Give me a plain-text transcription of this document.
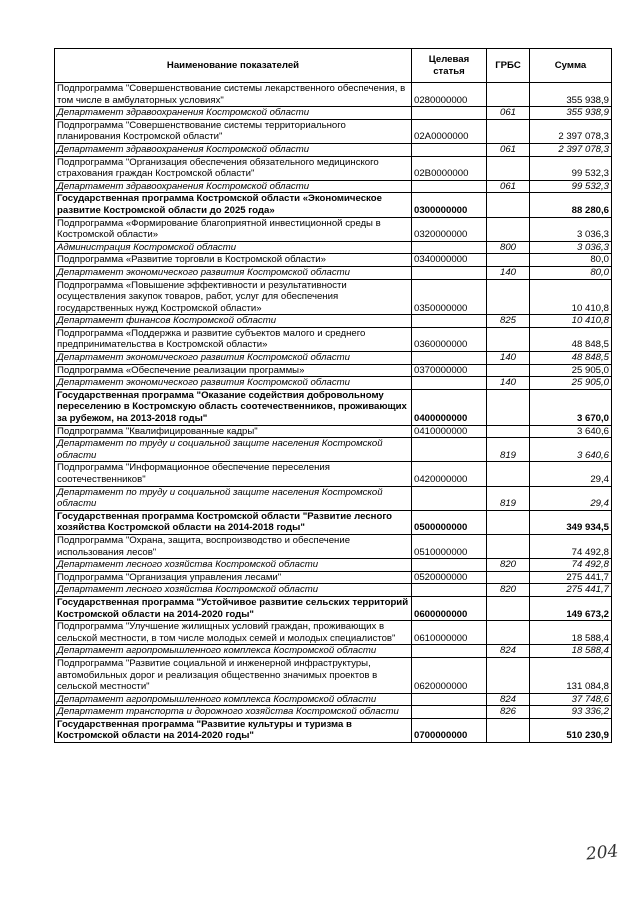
Наименование показателей	Целевая статья	ГРБС	Сумма
Подпрограмма "Совершенствование системы лекарственного обеспечения, в том числе в амбулаторных условиях"	0280000000		355 938,9
Департамент здравоохранения Костромской области		061	355 938,9
Подпрограмма "Совершенствование системы территориального планирования Костромской области"	02А0000000		2 397 078,3
Департамент здравоохранения Костромской области		061	2 397 078,3
Подпрограмма "Организация обеспечения обязательного медицинского страхования граждан Костромской области"	02В0000000		99 532,3
Департамент здравоохранения Костромской области		061	99 532,3
Государственная программа Костромской области «Экономическое развитие Костромской области до 2025 года»	0300000000		88 280,6
Подпрограмма «Формирование благоприятной инвестиционной среды в Костромской области»	0320000000		3 036,3
Администрация Костромской области		800	3 036,3
Подпрограмма «Развитие торговли в Костромской области»	0340000000		80,0
Департамент экономического развития Костромской области		140	80,0
Подпрограмма «Повышение эффективности и результативности осуществления закупок товаров, работ, услуг для обеспечения государственных нужд Костромской области»	0350000000		10 410,8
Департамент финансов Костромской области		825	10 410,8
Подпрограмма «Поддержка и развитие субъектов малого и среднего предпринимательства в Костромской области»	0360000000		48 848,5
Департамент экономического развития Костромской области		140	48 848,5
Подпрограмма «Обеспечение реализации программы»	0370000000		25 905,0
Департамент экономического развития Костромской области		140	25 905,0
Государственная программа "Оказание содействия добровольному переселению в Костромскую область соотечественников, проживающих за рубежом, на 2013-2018 годы"	0400000000		3 670,0
Подпрограмма "Квалифицированные кадры"	0410000000		3 640,6
Департамент по труду и социальной защите населения Костромской области		819	3 640,6
Подпрограмма "Информационное обеспечение переселения соотечественников"	0420000000		29,4
Департамент по труду и социальной защите населения Костромской области		819	29,4
Государственная программа Костромской области "Развитие лесного хозяйства Костромской области на 2014-2018 годы"	0500000000		349 934,5
Подпрограмма "Охрана, защита, воспроизводство и обеспечение использования лесов"	0510000000		74 492,8
Департамент лесного хозяйства Костромской области		820	74 492,8
Подпрограмма "Организация управления лесами"	0520000000		275 441,7
Департамент лесного хозяйства Костромской области		820	275 441,7
Государственная программа "Устойчивое развитие сельских территорий Костромской области на 2014-2020 годы"	0600000000		149 673,2
Подпрограмма "Улучшение жилищных условий граждан, проживающих в сельской местности, в том числе молодых семей и молодых специалистов"	0610000000		18 588,4
Департамент агропромышленного комплекса Костромской области		824	18 588,4
Подпрограмма "Развитие социальной и инженерной инфраструктуры, автомобильных дорог и реализация общественно значимых проектов в сельской местности"	0620000000		131 084,8
Департамент агропромышленного комплекса Костромской области		824	37 748,6
Департамент транспорта и дорожного хозяйства Костромской области		826	93 336,2
Государственная программа "Развитие культуры и туризма в Костромской области на 2014-2020 годы"	0700000000		510 230,9
204
